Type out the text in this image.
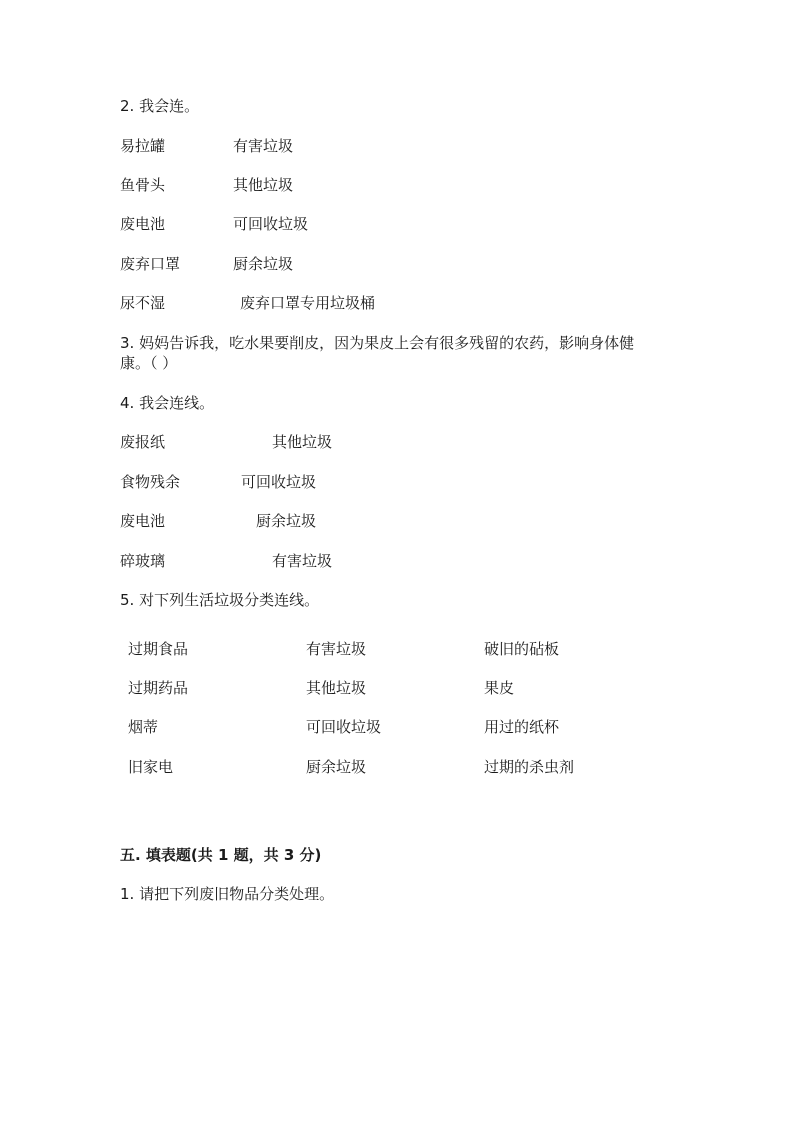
2. 我会连。
易拉罐	有害垃圾
鱼骨头	其他垃圾
废电池	可回收垃圾
废弃口罩	厨余垃圾
尿不湿	废弃口罩专用垃圾桶
3. 妈妈告诉我，吃水果要削皮，因为果皮上会有很多残留的农药，影响身体健
康。（ ）
4. 我会连线。
废报纸	其他垃圾
食物残余	可回收垃圾
废电池	厨余垃圾
碎玻璃	有害垃圾
5. 对下列生活垃圾分类连线。
过期食品	有害垃圾	破旧的砧板
过期药品	其他垃圾	果皮
烟蒂	可回收垃圾	用过的纸杯
旧家电	厨余垃圾	过期的杀虫剂
五. 填表题(共 1 题，共 3 分)
1. 请把下列废旧物品分类处理。
